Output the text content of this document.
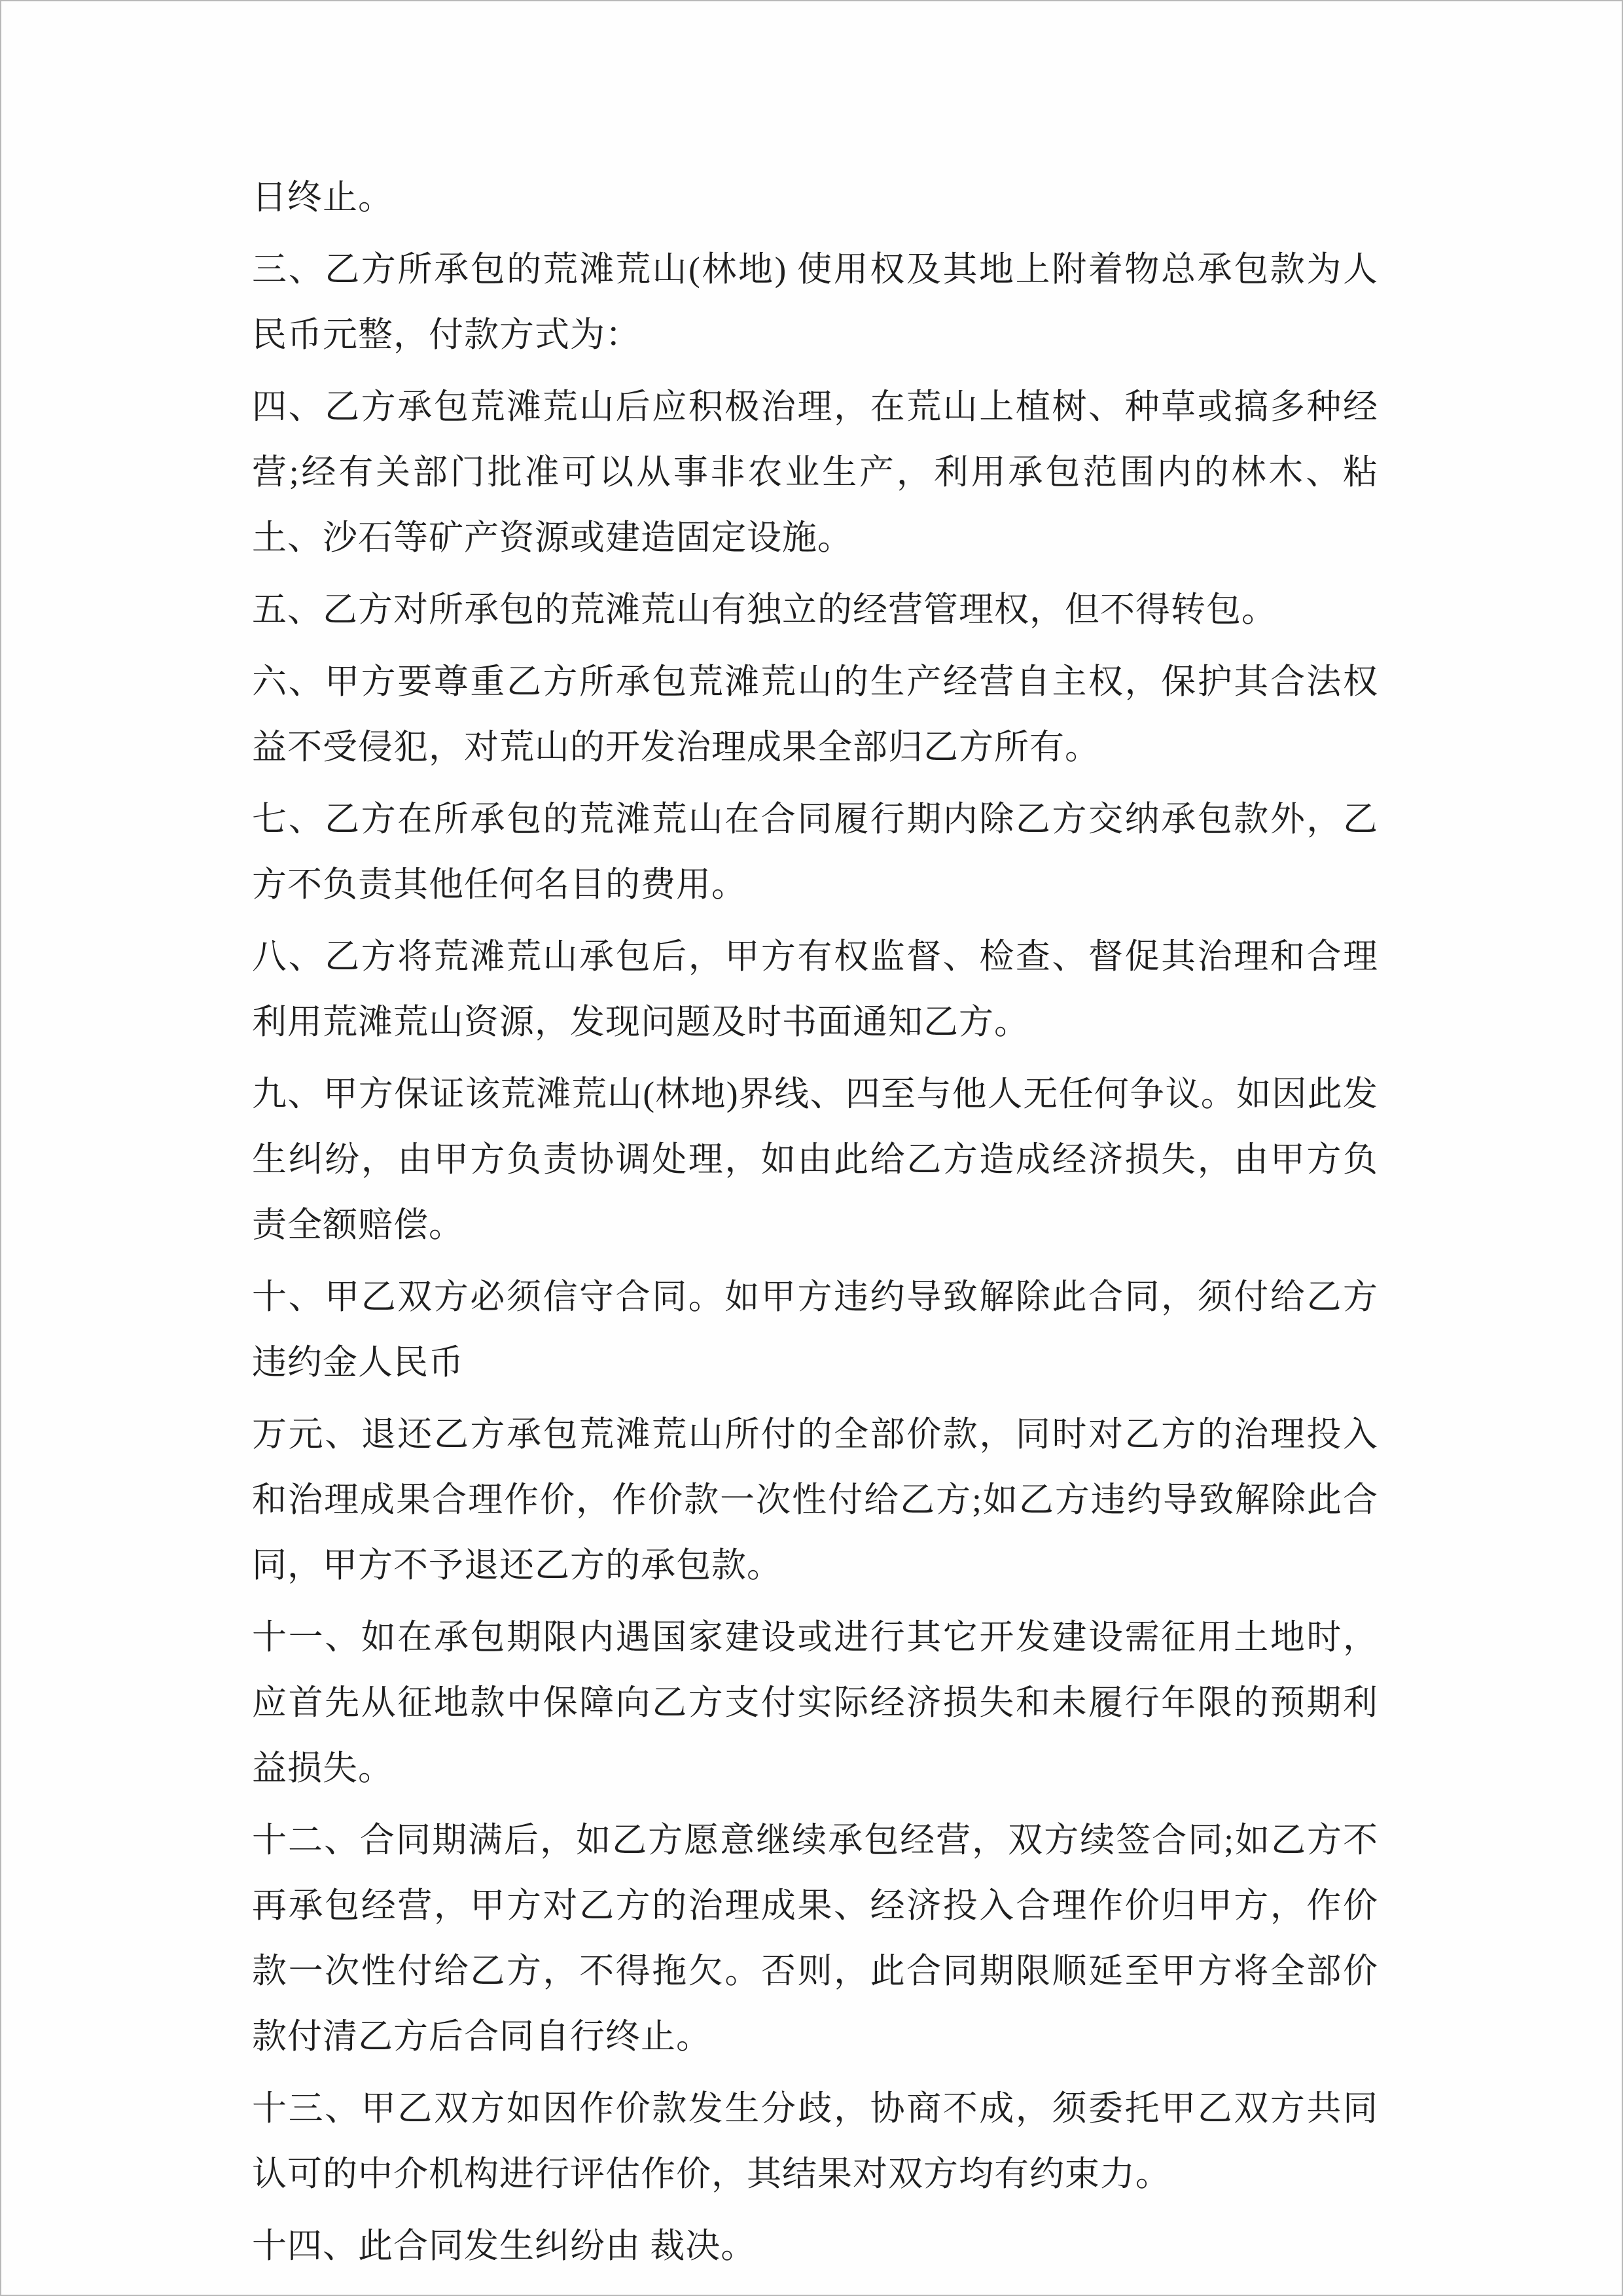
日终止。

三、乙方所承包的荒滩荒山(林地) 使用权及其地上附着物总承包款为人民币元整，付款方式为：

四、乙方承包荒滩荒山后应积极治理，在荒山上植树、种草或搞多种经营;经有关部门批准可以从事非农业生产，利用承包范围内的林木、粘土、沙石等矿产资源或建造固定设施。

五、乙方对所承包的荒滩荒山有独立的经营管理权，但不得转包。

六、甲方要尊重乙方所承包荒滩荒山的生产经营自主权，保护其合法权益不受侵犯，对荒山的开发治理成果全部归乙方所有。

七、乙方在所承包的荒滩荒山在合同履行期内除乙方交纳承包款外，乙方不负责其他任何名目的费用。

八、乙方将荒滩荒山承包后，甲方有权监督、检查、督促其治理和合理利用荒滩荒山资源，发现问题及时书面通知乙方。

九、甲方保证该荒滩荒山(林地)界线、四至与他人无任何争议。如因此发生纠纷，由甲方负责协调处理，如由此给乙方造成经济损失，由甲方负责全额赔偿。

十、甲乙双方必须信守合同。如甲方违约导致解除此合同，须付给乙方违约金人民币

万元、退还乙方承包荒滩荒山所付的全部价款，同时对乙方的治理投入和治理成果合理作价，作价款一次性付给乙方;如乙方违约导致解除此合同，甲方不予退还乙方的承包款。

十一、如在承包期限内遇国家建设或进行其它开发建设需征用土地时，应首先从征地款中保障向乙方支付实际经济损失和未履行年限的预期利益损失。

十二、合同期满后，如乙方愿意继续承包经营，双方续签合同;如乙方不再承包经营，甲方对乙方的治理成果、经济投入合理作价归甲方，作价款一次性付给乙方，不得拖欠。否则，此合同期限顺延至甲方将全部价款付清乙方后合同自行终止。

十三、甲乙双方如因作价款发生分歧，协商不成，须委托甲乙双方共同认可的中介机构进行评估作价，其结果对双方均有约束力。

十四、此合同发生纠纷由 裁决。
